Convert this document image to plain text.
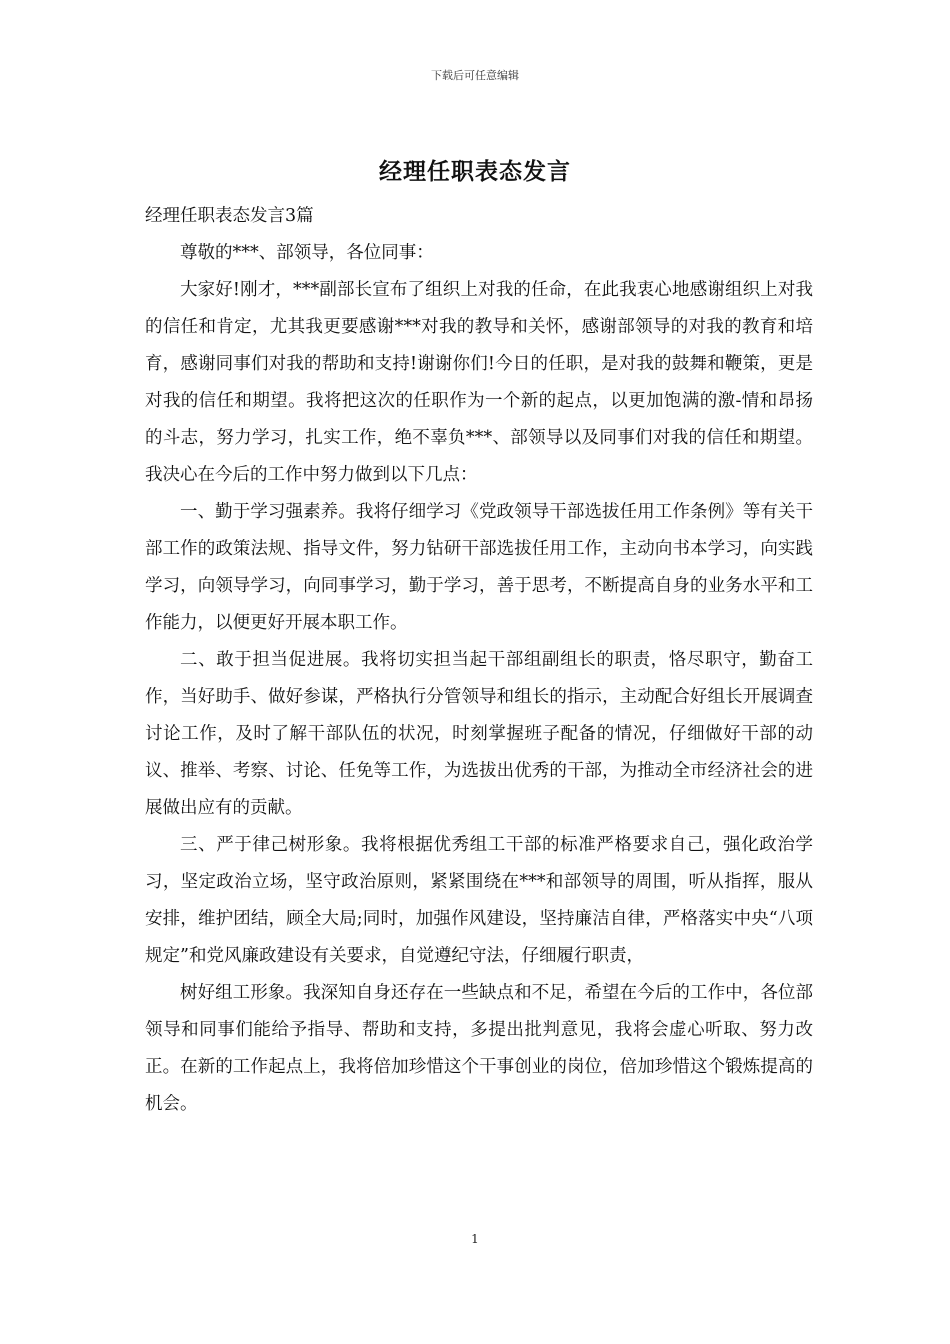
下载后可任意编辑
经理任职表态发言

经理任职表态发言3篇

尊敬的***、部领导，各位同事：

大家好!刚才，***副部长宣布了组织上对我的任命，在此我衷心地感谢组织上对我的信任和肯定，尤其我更要感谢***对我的教导和关怀，感谢部领导的对我的教育和培育，感谢同事们对我的帮助和支持!谢谢你们!今日的任职，是对我的鼓舞和鞭策，更是对我的信任和期望。我将把这次的任职作为一个新的起点，以更加饱满的激-情和昂扬的斗志，努力学习，扎实工作，绝不辜负***、部领导以及同事们对我的信任和期望。我决心在今后的工作中努力做到以下几点：

一、勤于学习强素养。我将仔细学习《党政领导干部选拔任用工作条例》等有关干部工作的政策法规、指导文件，努力钻研干部选拔任用工作，主动向书本学习，向实践学习，向领导学习，向同事学习，勤于学习，善于思考，不断提高自身的业务水平和工作能力，以便更好开展本职工作。

二、敢于担当促进展。我将切实担当起干部组副组长的职责，恪尽职守，勤奋工作，当好助手、做好参谋，严格执行分管领导和组长的指示，主动配合好组长开展调查讨论工作，及时了解干部队伍的状况，时刻掌握班子配备的情况，仔细做好干部的动议、推举、考察、讨论、任免等工作，为选拔出优秀的干部，为推动全市经济社会的进展做出应有的贡献。

三、严于律己树形象。我将根据优秀组工干部的标准严格要求自己，强化政治学习，坚定政治立场，坚守政治原则，紧紧围绕在***和部领导的周围，听从指挥，服从安排，维护团结，顾全大局;同时，加强作风建设，坚持廉洁自律，严格落实中央“八项规定”和党风廉政建设有关要求，自觉遵纪守法，仔细履行职责，

树好组工形象。我深知自身还存在一些缺点和不足，希望在今后的工作中，各位部领导和同事们能给予指导、帮助和支持，多提出批判意见，我将会虚心听取、努力改正。在新的工作起点上，我将倍加珍惜这个干事创业的岗位，倍加珍惜这个锻炼提高的机会。

1
